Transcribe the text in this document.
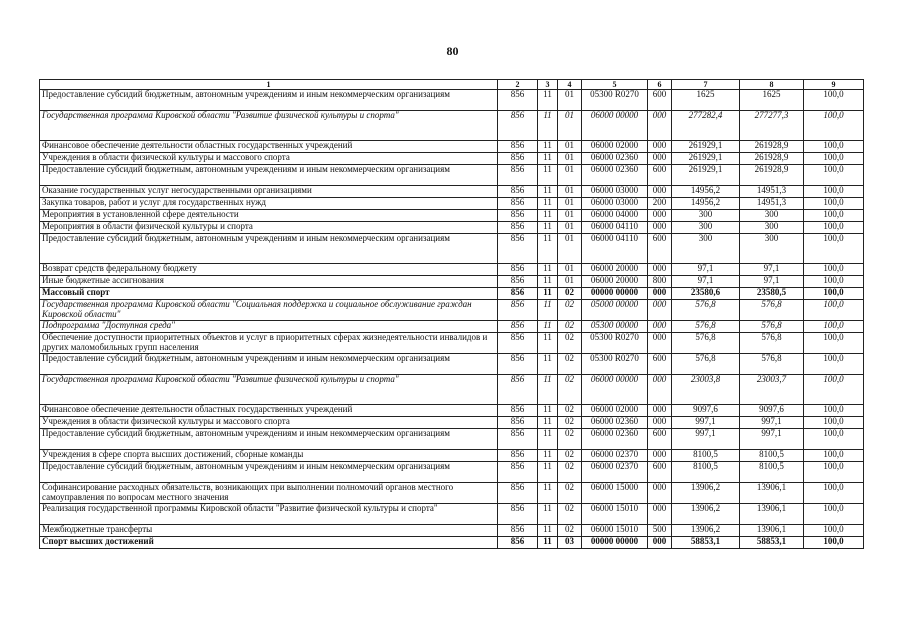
80
1	2	3	4	5	6	7	8	9
Предоставление субсидий бюджетным, автономным учреждениям и иным некоммерческим организациям	856	11	01	05300 R0270	600	1625	1625	100,0
Государственная программа Кировской области "Развитие физической культуры и спорта"	856	11	01	06000 00000	000	277282,4	277277,3	100,0
Финансовое обеспечение деятельности областных государственных учреждений	856	11	01	06000 02000	000	261929,1	261928,9	100,0
Учреждения в области физической культуры и массового спорта	856	11	01	06000 02360	000	261929,1	261928,9	100,0
Предоставление субсидий бюджетным, автономным учреждениям и иным некоммерческим организациям	856	11	01	06000 02360	600	261929,1	261928,9	100,0
Оказание государственных услуг негосударственными организациями	856	11	01	06000 03000	000	14956,2	14951,3	100,0
Закупка товаров, работ и услуг для государственных нужд	856	11	01	06000 03000	200	14956,2	14951,3	100,0
Мероприятия в установленной сфере деятельности	856	11	01	06000 04000	000	300	300	100,0
Мероприятия в области физической культуры и спорта	856	11	01	06000 04110	000	300	300	100,0
Предоставление субсидий бюджетным, автономным учреждениям и иным некоммерческим организациям	856	11	01	06000 04110	600	300	300	100,0
Возврат средств федеральному бюджету	856	11	01	06000 20000	000	97,1	97,1	100,0
Иные бюджетные ассигнования	856	11	01	06000 20000	800	97,1	97,1	100,0
Массовый спорт	856	11	02	00000 00000	000	23580,6	23580,5	100,0
Государственная программа Кировской области "Социальная поддержка и социальное обслуживание граждан Кировской области"	856	11	02	05000 00000	000	576,8	576,8	100,0
Подпрограмма "Доступная среда"	856	11	02	05300 00000	000	576,8	576,8	100,0
Обеспечение доступности приоритетных объектов и услуг в приоритетных сферах жизнедеятельности инвалидов и других маломобильных групп населения	856	11	02	05300 R0270	000	576,8	576,8	100,0
Предоставление субсидий бюджетным, автономным учреждениям и иным некоммерческим организациям	856	11	02	05300 R0270	600	576,8	576,8	100,0
Государственная программа Кировской области "Развитие физической культуры и спорта"	856	11	02	06000 00000	000	23003,8	23003,7	100,0
Финансовое обеспечение деятельности областных государственных учреждений	856	11	02	06000 02000	000	9097,6	9097,6	100,0
Учреждения в области физической культуры и массового спорта	856	11	02	06000 02360	000	997,1	997,1	100,0
Предоставление субсидий бюджетным, автономным учреждениям и иным некоммерческим организациям	856	11	02	06000 02360	600	997,1	997,1	100,0
Учреждения в сфере спорта высших достижений, сборные команды	856	11	02	06000 02370	000	8100,5	8100,5	100,0
Предоставление субсидий бюджетным, автономным учреждениям и иным некоммерческим организациям	856	11	02	06000 02370	600	8100,5	8100,5	100,0
Софинансирование расходных обязательств, возникающих при выполнении полномочий органов местного самоуправления по вопросам местного значения	856	11	02	06000 15000	000	13906,2	13906,1	100,0
Реализация государственной программы Кировской области "Развитие физической культуры и спорта"	856	11	02	06000 15010	000	13906,2	13906,1	100,0
Межбюджетные трансферты	856	11	02	06000 15010	500	13906,2	13906,1	100,0
Спорт высших достижений	856	11	03	00000 00000	000	58853,1	58853,1	100,0
